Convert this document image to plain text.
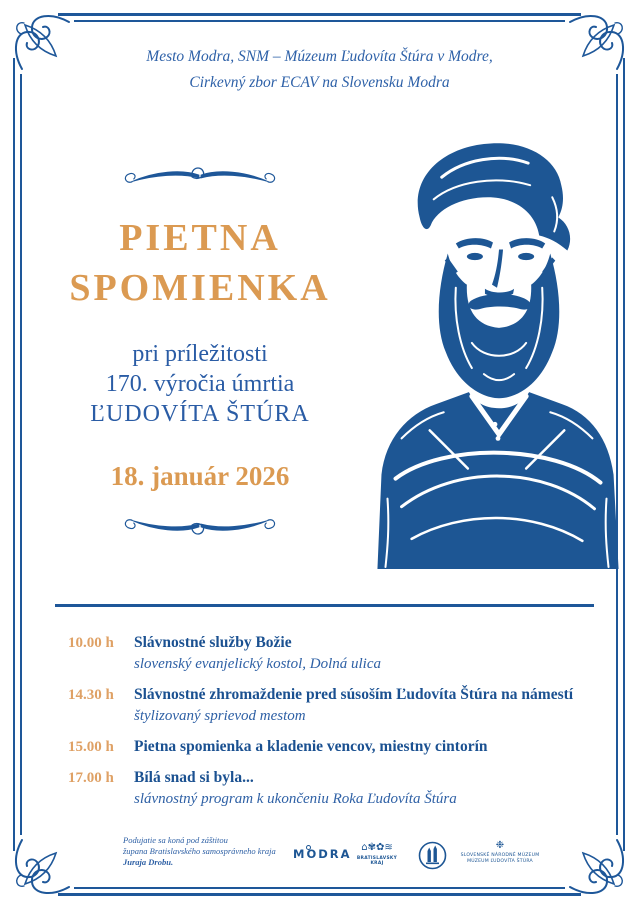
Mesto Modra, SNM – Múzeum Ľudovíta Štúra v Modre,
Cirkevný zbor ECAV na Slovensku Modra
PIETNA
SPOMIENKA
pri príležitosti
170. výročia úmrtia
ĽUDOVÍTA ŠTÚRA
18. január 2026
10.00 h	Slávnostné služby Božie
slovenský evanjelický kostol, Dolná ulica
14.30 h	Slávnostné zhromaždenie pred súsoším Ľudovíta Štúra na námestí
štylizovaný sprievod mestom
15.00 h	Pietna spomienka a kladenie vencov, miestny cintorín
17.00 h	Bílá snad si byla...
slávnostný program k ukončeniu Roka Ľudovíta Štúra
Podujatie sa koná pod záštitou
župana Bratislavského samosprávneho kraja
Juraja Drobu.
MODRA ⌂✾✿≋
BRATISLAVSKÝ KRAJ
❉
SLOVENSKÉ NÁRODNÉ MÚZEUM
MÚZEUM ĽUDOVÍTA ŠTÚRA
